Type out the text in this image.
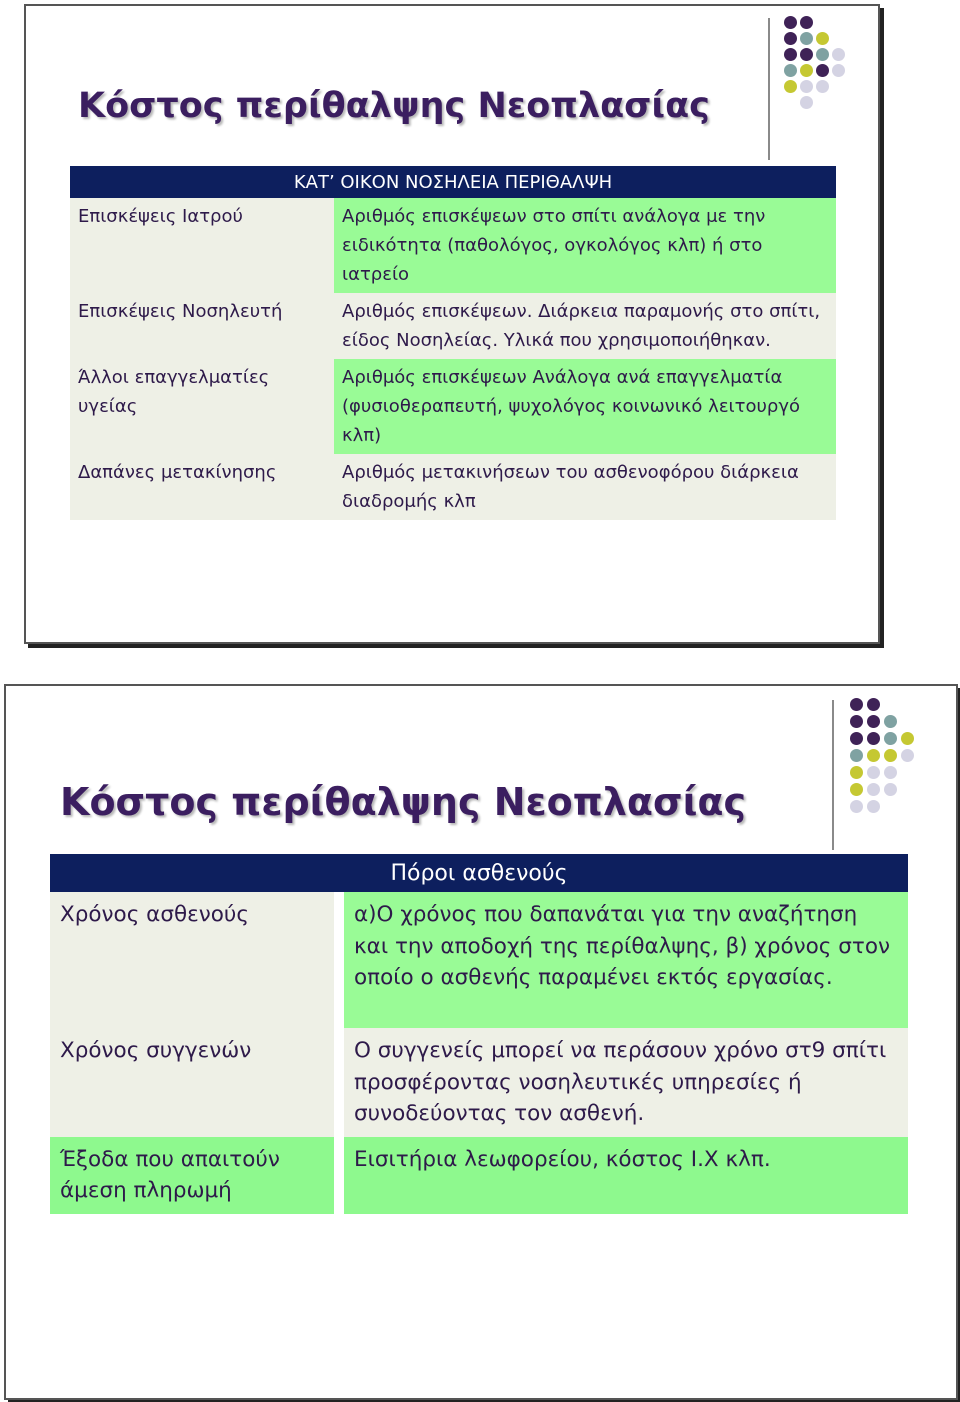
Κόστος περίθαλψης Νεοπλασίας
ΚΑΤ’ ΟΙΚΟΝ ΝΟΣΗΛΕΙΑ ΠΕΡΙΘΑΛΨΗ	
Επισκέψεις Ιατρού	Αριθμός επισκέψεων στο σπίτι ανάλογα με την ειδικότητα (παθολόγος, ογκολόγος κλπ) ή στο ιατρείο
Επισκέψεις Νοσηλευτή	Αριθμός επισκέψεων. Διάρκεια παραμονής στο σπίτι, είδος Νοσηλείας. Υλικά που χρησιμοποιήθηκαν.
Άλλοι επαγγελματίες υγείας	Αριθμός επισκέψεων Ανάλογα ανά επαγγελματία (φυσιοθεραπευτή, ψυχολόγος κοινωνικό λειτουργό κλπ)
Δαπάνες μετακίνησης	Αριθμός μετακινήσεων του ασθενοφόρου διάρκεια διαδρομής κλπ
Κόστος περίθαλψης Νεοπλασίας
Πόροι ασθενούς		
Χρόνος ασθενούς		α)Ο χρόνος που δαπανάται για την αναζήτηση και την αποδοχή της περίθαλψης, β) χρόνος στον οποίο ο ασθενής παραμένει εκτός εργασίας.
Χρόνος συγγενών		Ο συγγενείς μπορεί να περάσουν χρόνο στ9 σπίτι προσφέροντας νοσηλευτικές υπηρεσίες ή συνοδεύοντας τον ασθενή.
Έξοδα που απαιτούν άμεση πληρωμή		Εισιτήρια λεωφορείου, κόστος Ι.Χ κλπ.
